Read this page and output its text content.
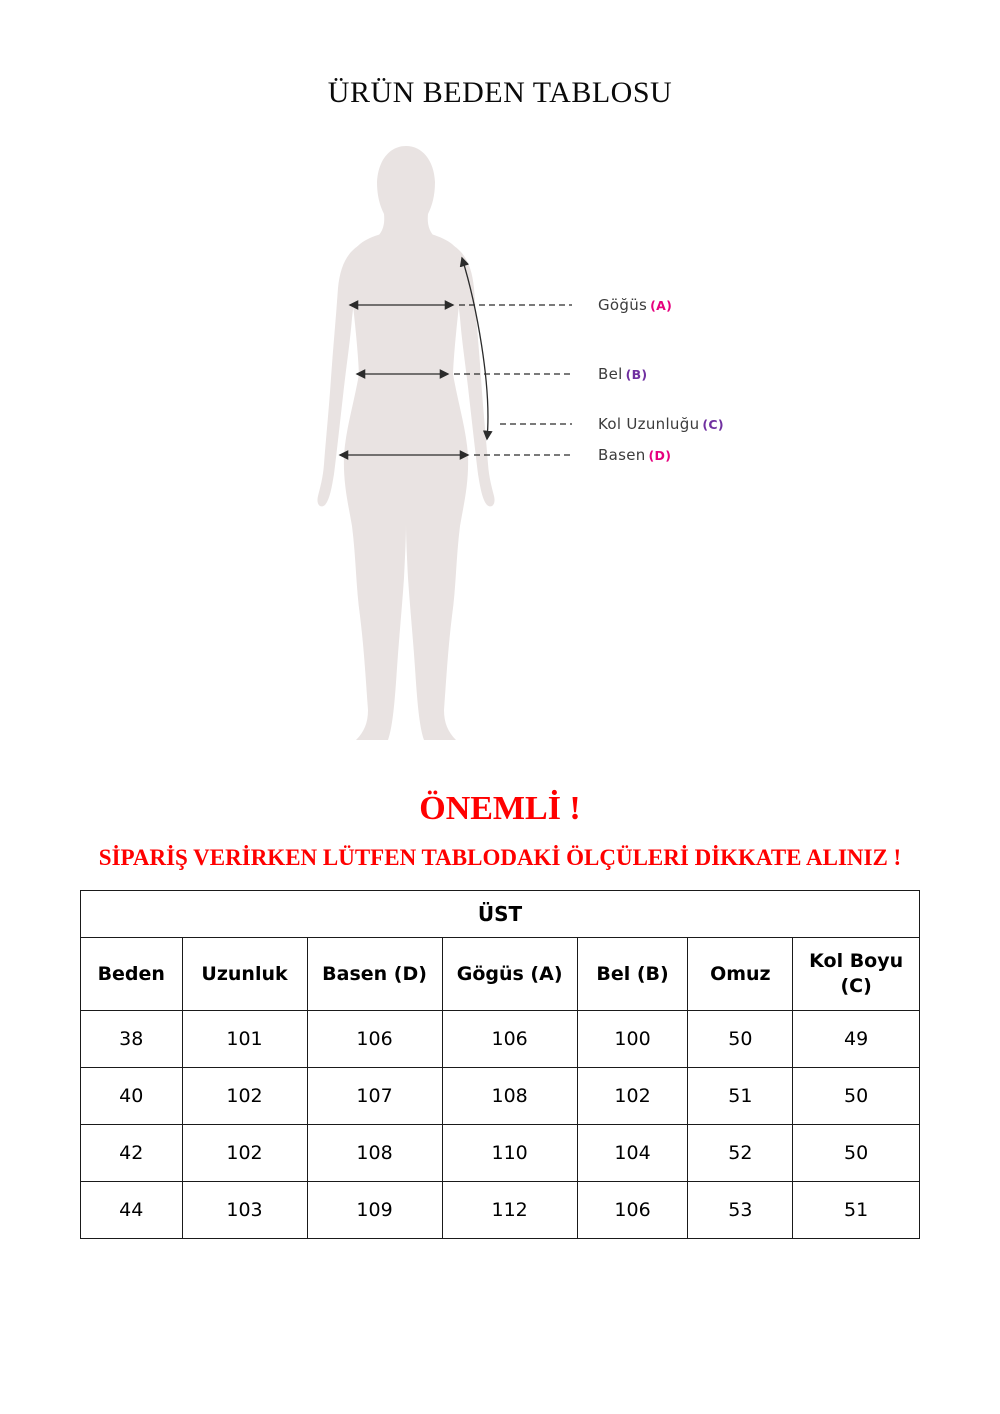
ÜRÜN BEDEN TABLOSU
Göğüs (A)
Bel (B)
Kol Uzunluğu (C)
Basen (D)
ÖNEMLİ !
SİPARİŞ VERİRKEN LÜTFEN TABLODAKİ ÖLÇÜLERİ DİKKATE ALINIZ !
ÜST						
Beden	Uzunluk	Basen (D)	Gögüs (A)	Bel (B)	Omuz	Kol Boyu (C)
38	101	106	106	100	50	49
40	102	107	108	102	51	50
42	102	108	110	104	52	50
44	103	109	112	106	53	51
